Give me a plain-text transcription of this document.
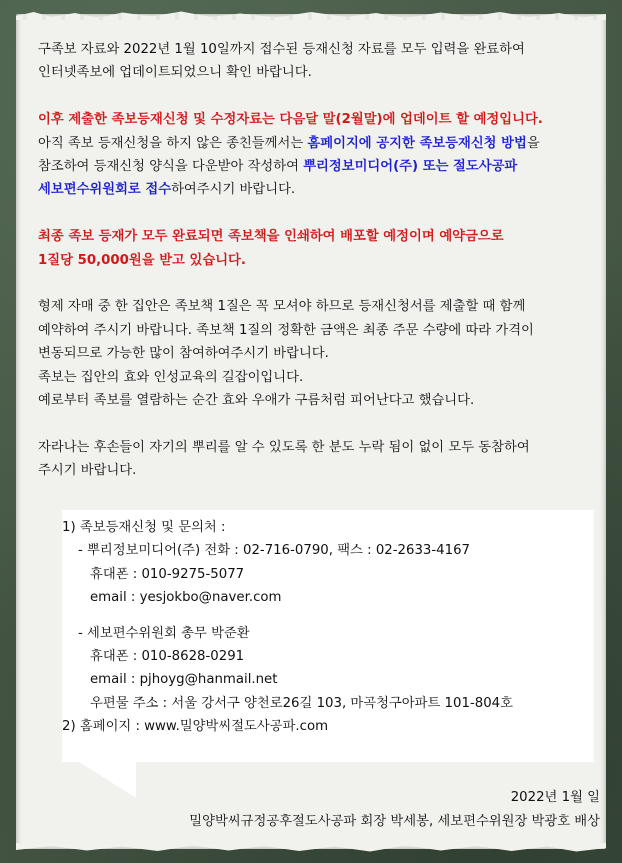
구족보 자료와 2022년 1월 10일까지 접수된 등재신청 자료를 모두 입력을 완료하여
인터넷족보에 업데이트되었으니 확인 바랍니다.

이후 제출한 족보등재신청 및 수정자료는 다음달 말(2월말)에 업데이트 할 예정입니다.
아직 족보 등재신청을 하지 않은 종친들께서는 홈페이지에 공지한 족보등재신청 방법을
참조하여 등재신청 양식을 다운받아 작성하여 뿌리정보미디어(주) 또는 절도사공파
세보편수위원회로 접수하여주시기 바랍니다.

최종 족보 등재가 모두 완료되면 족보책을 인쇄하여 배포할 예정이며 예약금으로
1질당 50,000원을 받고 있습니다.

형제 자매 중 한 집안은 족보책 1질은 꼭 모셔야 하므로 등재신청서를 제출할 때 함께
예약하여 주시기 바랍니다. 족보책 1질의 정확한 금액은 최종 주문 수량에 따라 가격이
변동되므로 가능한 많이 참여하여주시기 바랍니다.
족보는 집안의 효와 인성교육의 길잡이입니다.
예로부터 족보를 열람하는 순간 효와 우애가 구름처럼 피어난다고 했습니다.

자라나는 후손들이 자기의 뿌리를 알 수 있도록 한 분도 누락 됨이 없이 모두 동참하여
주시기 바랍니다.

1) 족보등재신청 및 문의처 :
- 뿌리정보미디어(주) 전화 : 02-716-0790, 팩스 : 02-2633-4167
휴대폰 : 010-9275-5077
email : yesjokbo@naver.com
- 세보편수위원회 총무 박준환
휴대폰 : 010-8628-0291
email : pjhoyg@hanmail.net
우편물 주소 : 서울 강서구 양천로26길 103, 마곡청구아파트 101-804호
2) 홈페이지 : www.밀양박씨절도사공파.com
2022년 1월 일
밀양박씨규정공후절도사공파 회장 박세봉, 세보편수위원장 박광호 배상
